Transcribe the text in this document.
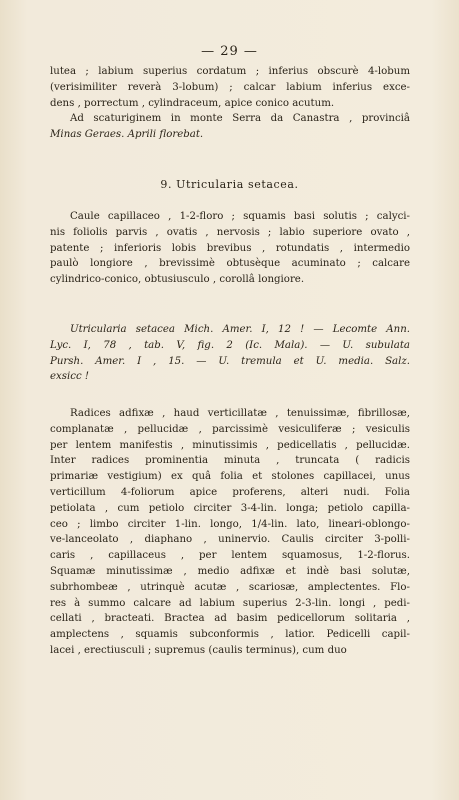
— 29 —
lutea ; labium superius cordatum ; inferius obscurè 4-lobum
(verisimiliter reverà 3-lobum) ; calcar labium inferius exce-
dens , porrectum , cylindraceum, apice conico acutum.
Ad scaturiginem in monte Serra da Canastra , provinciâ
Minas Geraes. Aprili florebat.
9. Utricularia setacea.
Caule capillaceo , 1-2-floro ; squamis basi solutis ; calyci-
nis foliolis parvis , ovatis , nervosis ; labio superiore ovato ,
patente ; inferioris lobis brevibus , rotundatis , intermedio
paulò longiore , brevissimè obtusèque acuminato ; calcare
cylindrico-conico, obtusiusculo , corollâ longiore.
Utricularia setacea Mich. Amer. I, 12 ! — Lecomte Ann.
Lyc. I, 78 , tab. V, fig. 2 (Ic. Mala). — U. subulata
Pursh. Amer. I , 15. — U. tremula et U. media. Salz.
exsicc !
Radices adfixæ , haud verticillatæ , tenuissimæ, fibrillosæ,
complanatæ , pellucidæ , parcissimè vesiculiferæ ; vesiculis
per lentem manifestis , minutissimis , pedicellatis , pellucidæ.
Inter radices prominentia minuta , truncata ( radicis
primariæ vestigium) ex quâ folia et stolones capillacei, unus
verticillum 4-foliorum apice proferens, alteri nudi. Folia
petiolata , cum petiolo circiter 3-4-lin. longa; petiolo capilla-
ceo ; limbo circiter 1-lin. longo, 1/4-lin. lato, lineari-oblongo-
ve-lanceolato , diaphano , uninervio. Caulis circiter 3-polli-
caris , capillaceus , per lentem squamosus, 1-2-florus.
Squamæ minutissimæ , medio adfixæ et indè basi solutæ,
subrhombeæ , utrinquè acutæ , scariosæ, amplectentes. Flo-
res à summo calcare ad labium superius 2-3-lin. longi , pedi-
cellati , bracteati. Bractea ad basim pedicellorum solitaria ,
amplectens , squamis subconformis , latior. Pedicelli capil-
lacei , erectiusculi ; supremus (caulis terminus), cum duo
